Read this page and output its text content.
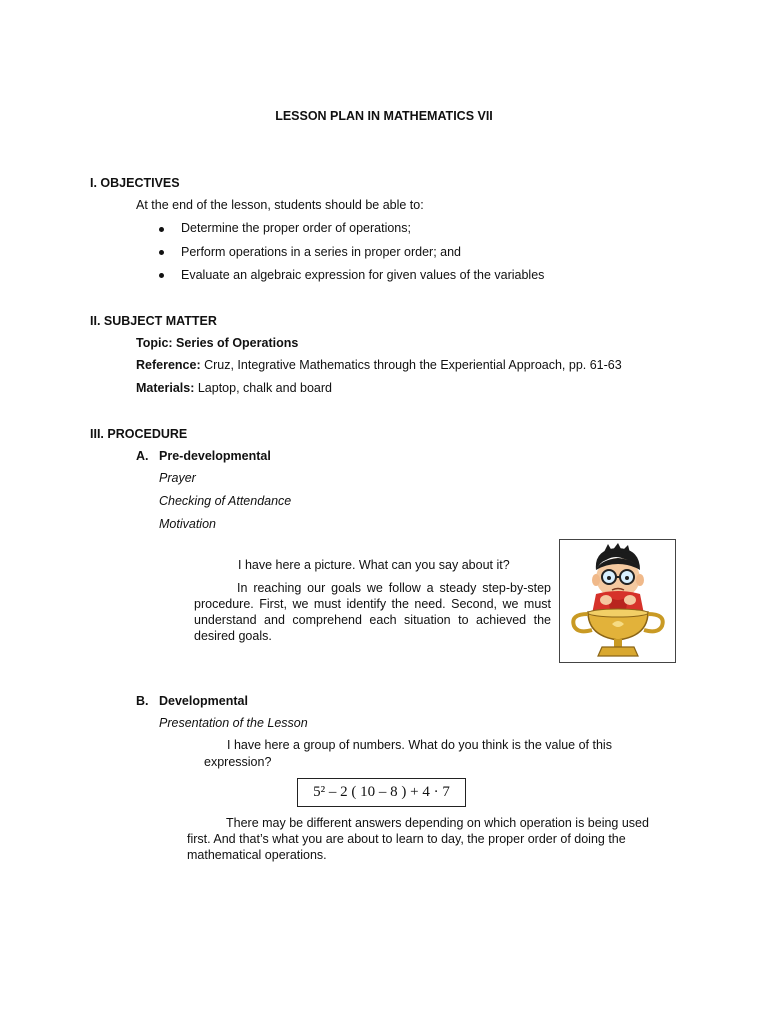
LESSON PLAN IN MATHEMATICS VII
I. OBJECTIVES
At the end of the lesson, students should be able to:
Determine the proper order of operations;
Perform operations in a series in proper order; and
Evaluate an algebraic expression for given values of the variables
II. SUBJECT MATTER
Topic: Series of Operations
Reference: Cruz, Integrative Mathematics through the Experiential Approach, pp. 61-63
Materials: Laptop, chalk and board
III. PROCEDURE
A. Pre-developmental
Prayer
Checking of Attendance
Motivation
I have here a picture. What can you say about it?
In reaching our goals we follow a steady step-by-step procedure. First, we must identify the need. Second, we must understand and comprehend each situation to achieved the desired goals.
B. Developmental
Presentation of the Lesson
I have here a group of numbers. What do you think is the value of this
expression?
5² – 2 ( 10 – 8 ) + 4 · 7
There may be different answers depending on which operation is being used first. And that’s what you are about to learn to day, the proper order of doing the mathematical operations.
